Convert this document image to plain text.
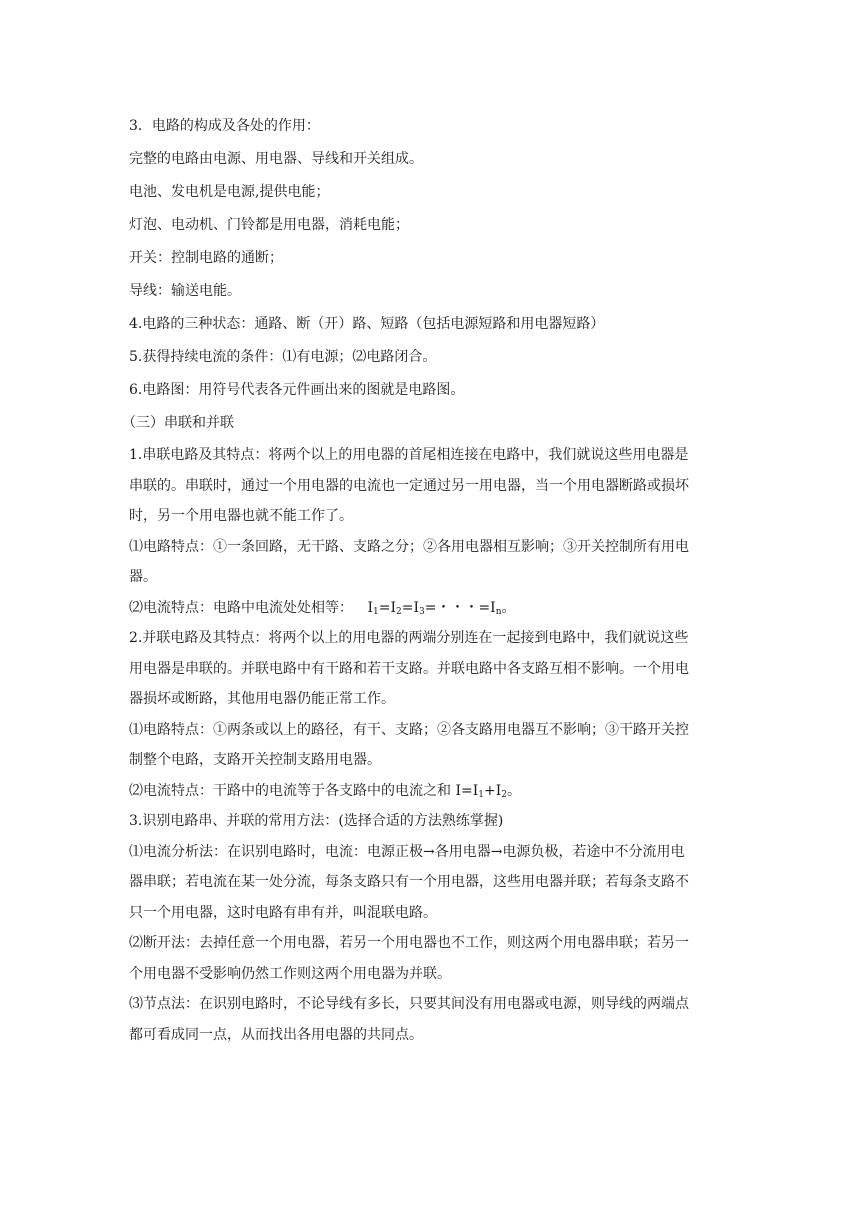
3．电路的构成及各处的作用：

完整的电路由电源、用电器、导线和开关组成。

电池、发电机是电源,提供电能；

灯泡、电动机、门铃都是用电器，消耗电能；

开关：控制电路的通断；

导线：输送电能。

4.电路的三种状态：通路、断（开）路、短路（包括电源短路和用电器短路）

5.获得持续电流的条件：⑴有电源；⑵电路闭合。

6.电路图：用符号代表各元件画出来的图就是电路图。

（三）串联和并联

1.串联电路及其特点：将两个以上的用电器的首尾相连接在电路中，我们就说这些用电器是
串联的。串联时，通过一个用电器的电流也一定通过另一用电器，当一个用电器断路或损坏
时，另一个用电器也就不能工作了。
⑴电路特点：①一条回路，无干路、支路之分；②各用电器相互影响；③开关控制所有用电
器。
⑵电流特点：电路中电流处处相等： $I_1=I_2=I_3=$・・・$=I_n$。
2.并联电路及其特点：将两个以上的用电器的两端分别连在一起接到电路中，我们就说这些
用电器是串联的。并联电路中有干路和若干支路。并联电路中各支路互相不影响。一个用电
器损坏或断路，其他用电器仍能正常工作。
⑴电路特点：①两条或以上的路径，有干、支路；②各支路用电器互不影响；③干路开关控
制整个电路，支路开关控制支路用电器。
⑵电流特点：干路中的电流等于各支路中的电流之和 $I=I_1+I_2$。
3.识别电路串、并联的常用方法：(选择合适的方法熟练掌握)
⑴电流分析法：在识别电路时，电流：电源正极→各用电器→电源负极，若途中不分流用电
器串联；若电流在某一处分流，每条支路只有一个用电器，这些用电器并联；若每条支路不
只一个用电器，这时电路有串有并，叫混联电路。
⑵断开法：去掉任意一个用电器，若另一个用电器也不工作，则这两个用电器串联；若另一
个用电器不受影响仍然工作则这两个用电器为并联。
⑶节点法：在识别电路时，不论导线有多长，只要其间没有用电器或电源，则导线的两端点
都可看成同一点，从而找出各用电器的共同点。
